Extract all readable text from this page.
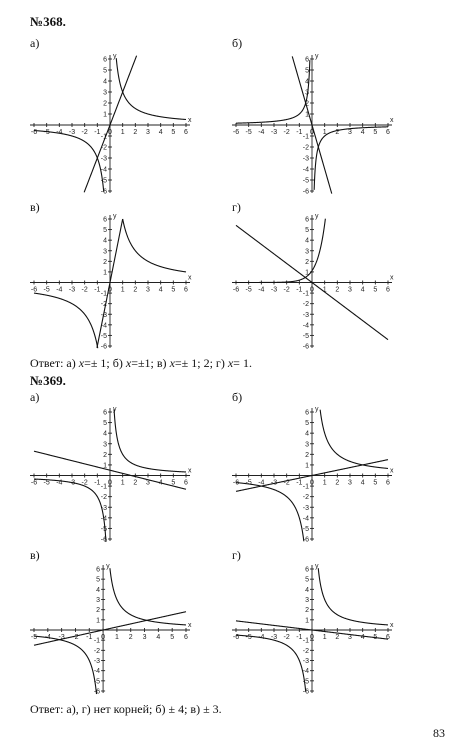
№368.
а)	б)
в)	г)
x
y
-6 -5 -4 -3 -2 -1 0 1 2 3 4 5 6
6
5
4
3
2
1
-1
-2
-3
-4
-5
-6
x
y
-6 -5 -4 -3 -2 -1 0 1 2 3 4 5 6
6
5
4
3
2
1
-1
-2
-3
-4
-5
-6
x
y
-6 -5 -4 -3 -2 -1 0 1 2 3 4 5 6
6
5
4
3
2
1
-1
-2
-3
-4
-5
-6
x
y
-6 -5 -4 -3 -2 -1 0 1 2 3 4 5 6
6
5
4
3
2
1
-1
-2
-3
-4
-5
-6
Ответ: а) x=± 1; б) x=±1; в) x=± 1; 2; г) x= 1.
№369.
а)	б)
в)	г)
x
y
-6 -5 -4 -3 -2 -1 0 1 2 3 4 5 6
6
5
4
3
2
1
-1
-2
-3
-4
-5
-6
x
y
-6 -5 -4 -3 -2 -1 0 1 2 3 4 5 6
6
5
4
3
2
1
-1
-2
-3
-4
-5
-6
x
y
-5 -4 -3 -2 -1 0 1 2 3 4 5 6
6
5
4
3
2
1
-1
-2
-3
-4
-5
-6
x
y
-6 -5 -4 -3 -2 -1 0 1 2 3 4 5 6
6
5
4
3
2
1
-1
-2
-3
-4
-5
-6
Ответ: а), г) нет корней; б) ± 4; в) ± 3.
83
